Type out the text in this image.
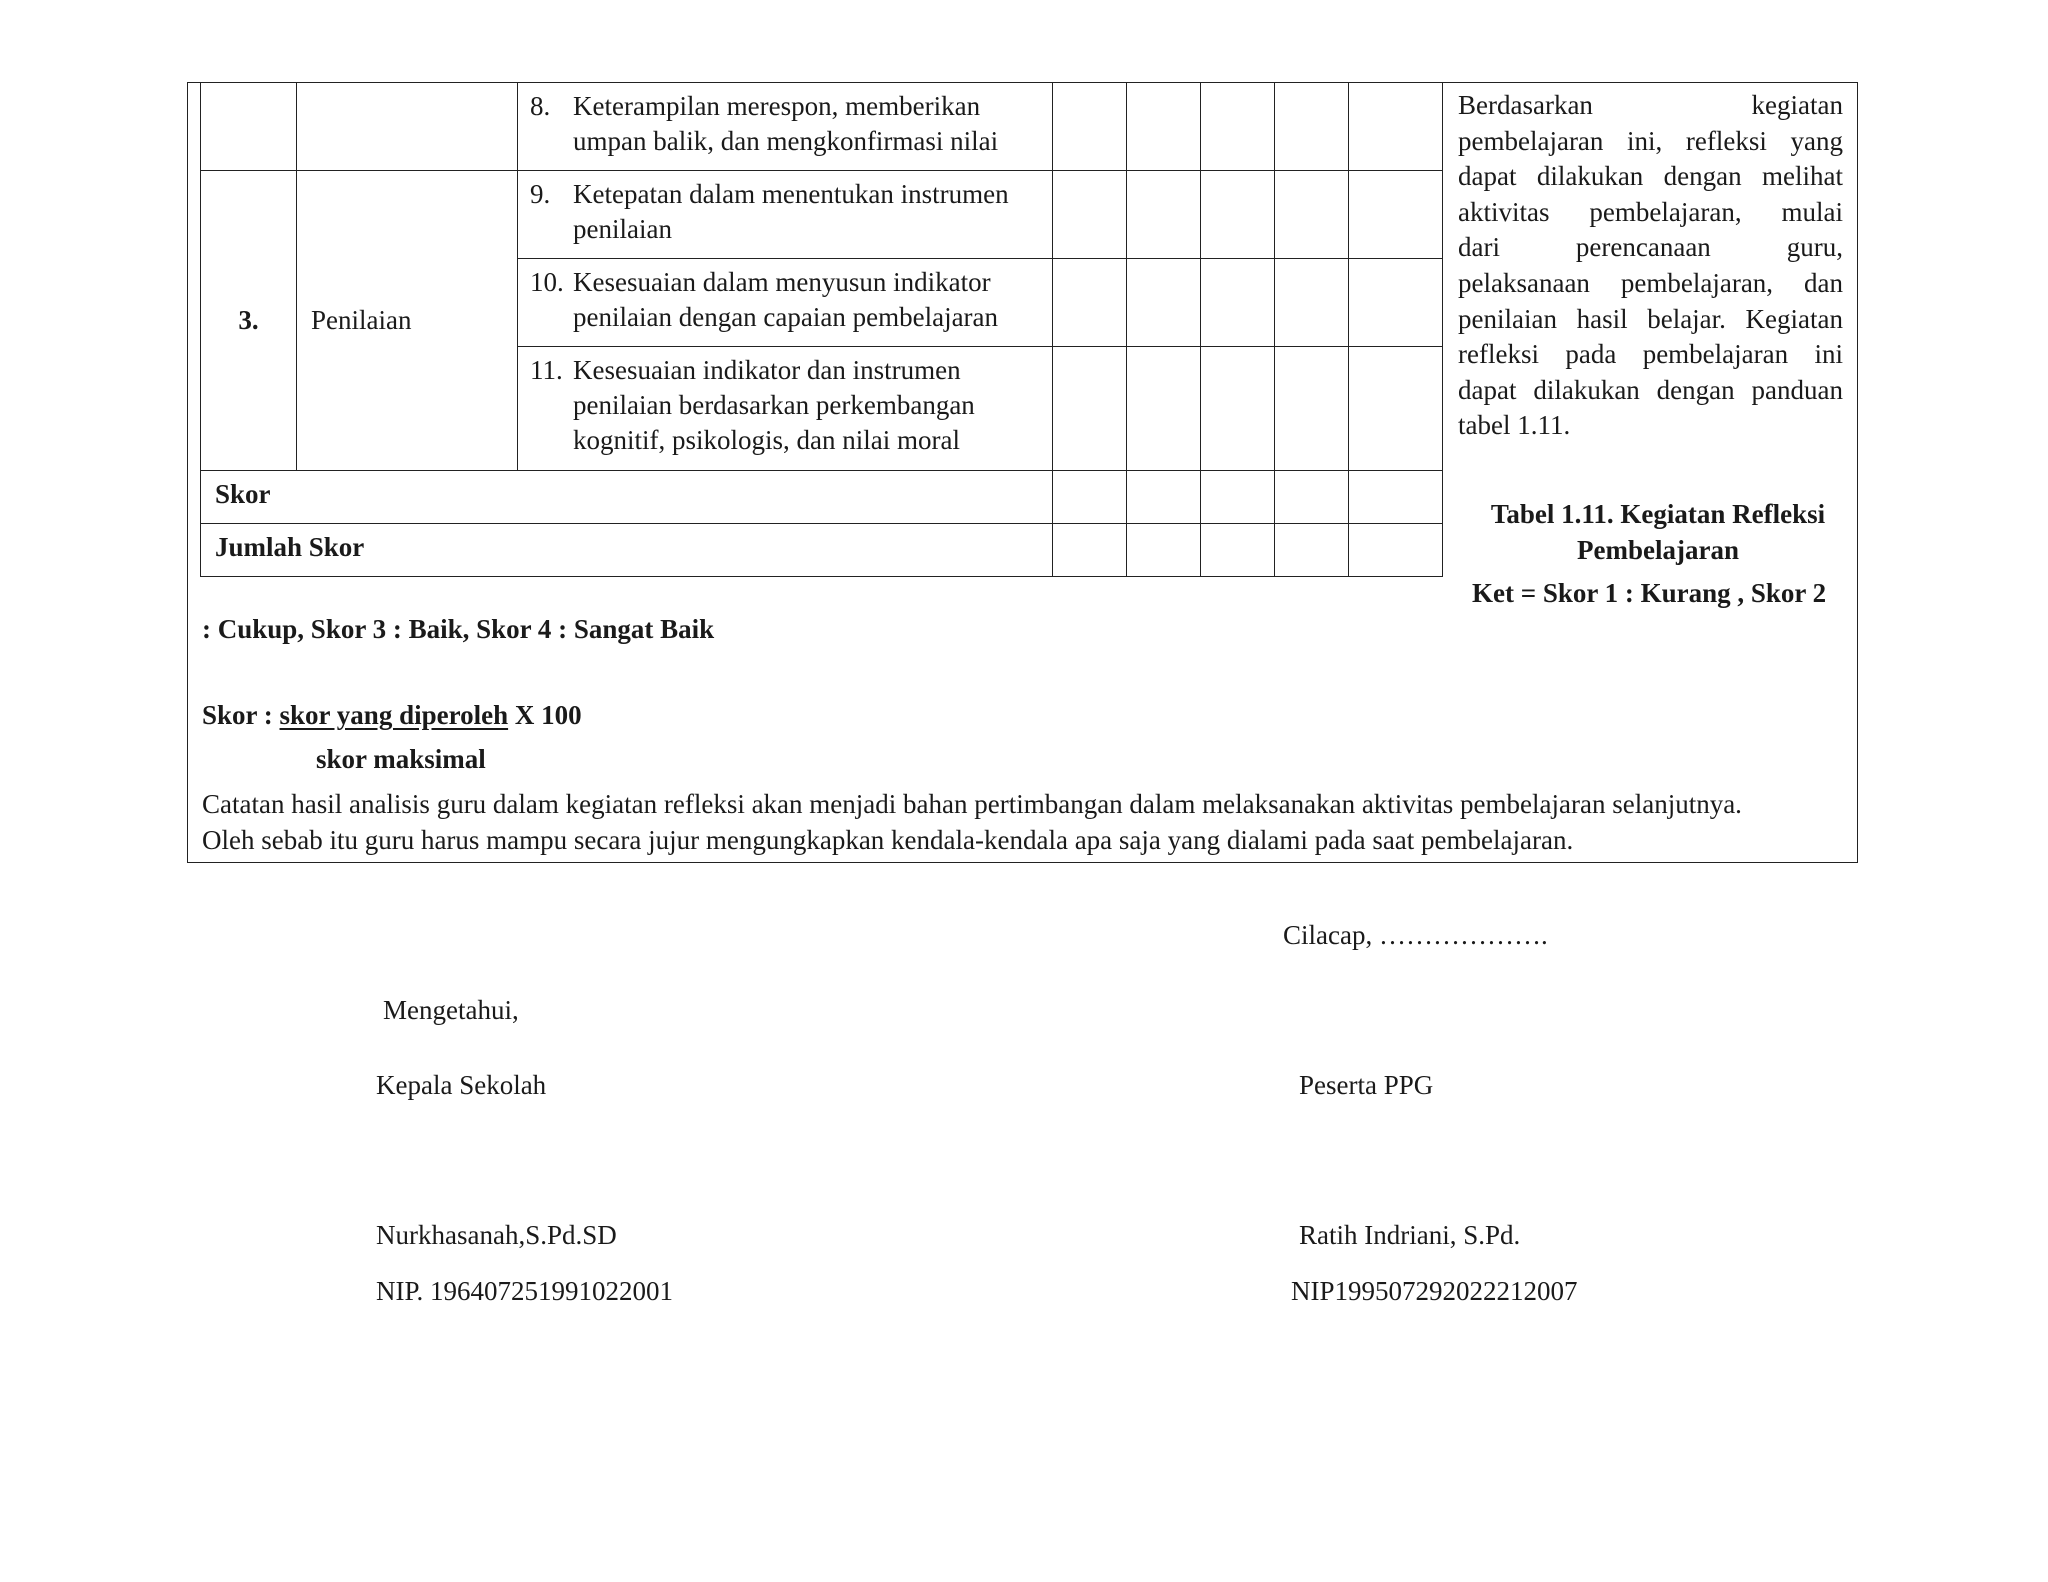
		8. Keterampilan merespon, memberikan
umpan balik, dan mengkonfirmasi nilai					

3.	Penilaian	9. Ketepatan dalam menentukan instrumen
penilaian					

		10. Kesesuaian dalam menyusun indikator
penilaian dengan capaian pembelajaran					

		11. Kesesuaian indikator dan instrumen
penilaian berdasarkan perkembangan
kognitif, psikologis, dan nilai moral					

Skor							
Jumlah Skor							
Berdasarkan kegiatan
pembelajaran ini, refleksi yang
dapat dilakukan dengan melihat
aktivitas pembelajaran, mulai
dari perencanaan guru,
pelaksanaan pembelajaran, dan
penilaian hasil belajar. Kegiatan
refleksi pada pembelajaran ini
dapat dilakukan dengan panduan
tabel 1.11.
Tabel 1.11. Kegiatan Refleksi
Pembelajaran
Ket = Skor 1 : Kurang , Skor 2
: Cukup, Skor 3 : Baik, Skor 4 : Sangat Baik
Skor : skor yang diperoleh X 100
skor maksimal
Catatan hasil analisis guru dalam kegiatan refleksi akan menjadi bahan pertimbangan dalam melaksanakan aktivitas pembelajaran selanjutnya.
Oleh sebab itu guru harus mampu secara jujur mengungkapkan kendala-kendala apa saja yang dialami pada saat pembelajaran.
Cilacap, ……………….
Mengetahui,
Kepala Sekolah	Peserta PPG
Nurkhasanah,S.Pd.SD	Ratih Indriani, S.Pd.
NIP. 196407251991022001	NIP199507292022212007
